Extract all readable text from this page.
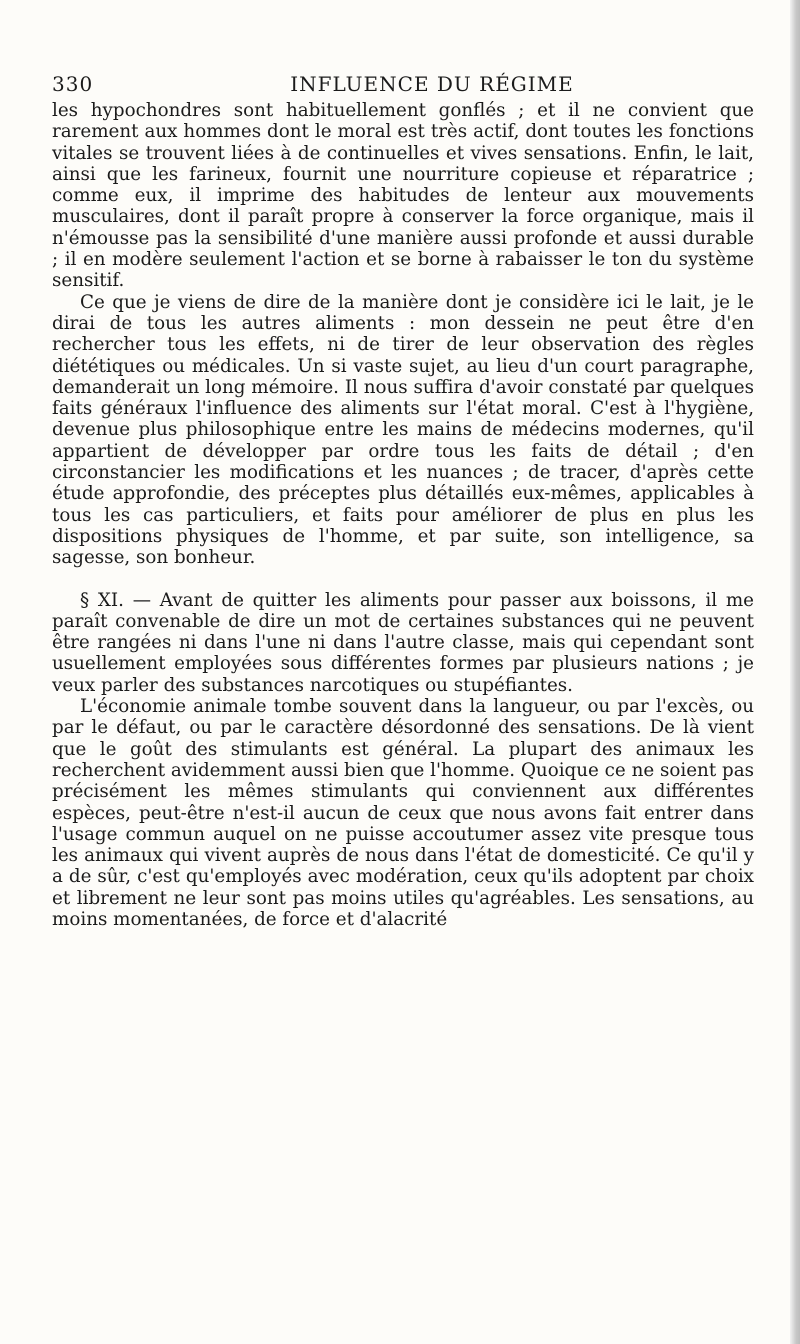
330	INFLUENCE DU RÉGIME

les hypochondres sont habituellement gonflés ; et il ne convient que rarement aux hommes dont le moral est très actif, dont toutes les fonctions vitales se trouvent liées à de continuelles et vives sensations. Enfin, le lait, ainsi que les farineux, fournit une nourriture copieuse et réparatrice ; comme eux, il imprime des habitudes de lenteur aux mouvements musculaires, dont il paraît propre à conserver la force organique, mais il n'émousse pas la sensibilité d'une manière aussi profonde et aussi durable ; il en modère seulement l'action et se borne à rabaisser le ton du système sensitif.

Ce que je viens de dire de la manière dont je considère ici le lait, je le dirai de tous les autres aliments : mon dessein ne peut être d'en rechercher tous les effets, ni de tirer de leur observation des règles diététiques ou médicales. Un si vaste sujet, au lieu d'un court paragraphe, demanderait un long mémoire. Il nous suffira d'avoir constaté par quelques faits généraux l'influence des aliments sur l'état moral. C'est à l'hygiène, devenue plus philosophique entre les mains de médecins modernes, qu'il appartient de développer par ordre tous les faits de détail ; d'en circonstancier les modifications et les nuances ; de tracer, d'après cette étude approfondie, des préceptes plus détaillés eux-mêmes, applicables à tous les cas particuliers, et faits pour améliorer de plus en plus les dispositions physiques de l'homme, et par suite, son intelligence, sa sagesse, son bonheur.

§ XI. — Avant de quitter les aliments pour passer aux boissons, il me paraît convenable de dire un mot de certaines substances qui ne peuvent être rangées ni dans l'une ni dans l'autre classe, mais qui cependant sont usuellement employées sous différentes formes par plusieurs nations ; je veux parler des substances narcotiques ou stupéfiantes.

L'économie animale tombe souvent dans la langueur, ou par l'excès, ou par le défaut, ou par le caractère désordonné des sensations. De là vient que le goût des stimulants est général. La plupart des animaux les recherchent avidemment aussi bien que l'homme. Quoique ce ne soient pas précisément les mêmes stimulants qui conviennent aux différentes espèces, peut-être n'est-il aucun de ceux que nous avons fait entrer dans l'usage commun auquel on ne puisse accoutumer assez vite presque tous les animaux qui vivent auprès de nous dans l'état de domesticité. Ce qu'il y a de sûr, c'est qu'employés avec modération, ceux qu'ils adoptent par choix et librement ne leur sont pas moins utiles qu'agréables. Les sensations, au moins momentanées, de force et d'alacrité
